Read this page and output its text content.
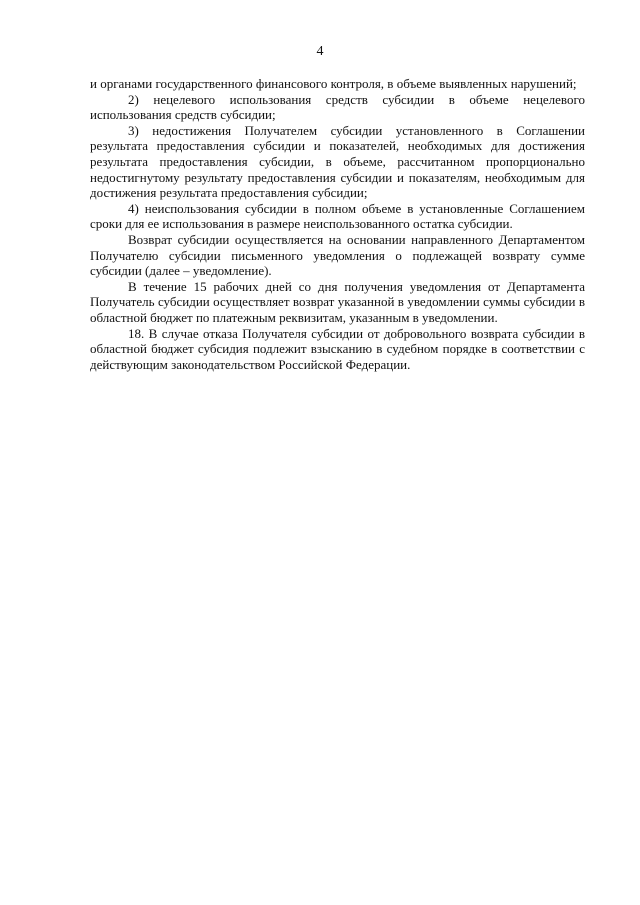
4

и органами государственного финансового контроля, в объеме выявленных нарушений;

2) нецелевого использования средств субсидии в объеме нецелевого использования средств субсидии;

3) недостижения Получателем субсидии установленного в Соглашении результата предоставления субсидии и показателей, необходимых для достижения результата предоставления субсидии, в объеме, рассчитанном пропорционально недостигнутому результату предоставления субсидии и показателям, необходимым для достижения результата предоставления субсидии;

4) неиспользования субсидии в полном объеме в установленные Соглашением сроки для ее использования в размере неиспользованного остатка субсидии.

Возврат субсидии осуществляется на основании направленного Департаментом Получателю субсидии письменного уведомления о подлежащей возврату сумме субсидии (далее – уведомление).

В течение 15 рабочих дней со дня получения уведомления от Департамента Получатель субсидии осуществляет возврат указанной в уведомлении суммы субсидии в областной бюджет по платежным реквизитам, указанным в уведомлении.

18. В случае отказа Получателя субсидии от добровольного возврата субсидии в областной бюджет субсидия подлежит взысканию в судебном порядке в соответствии с действующим законодательством Российской Федерации.
